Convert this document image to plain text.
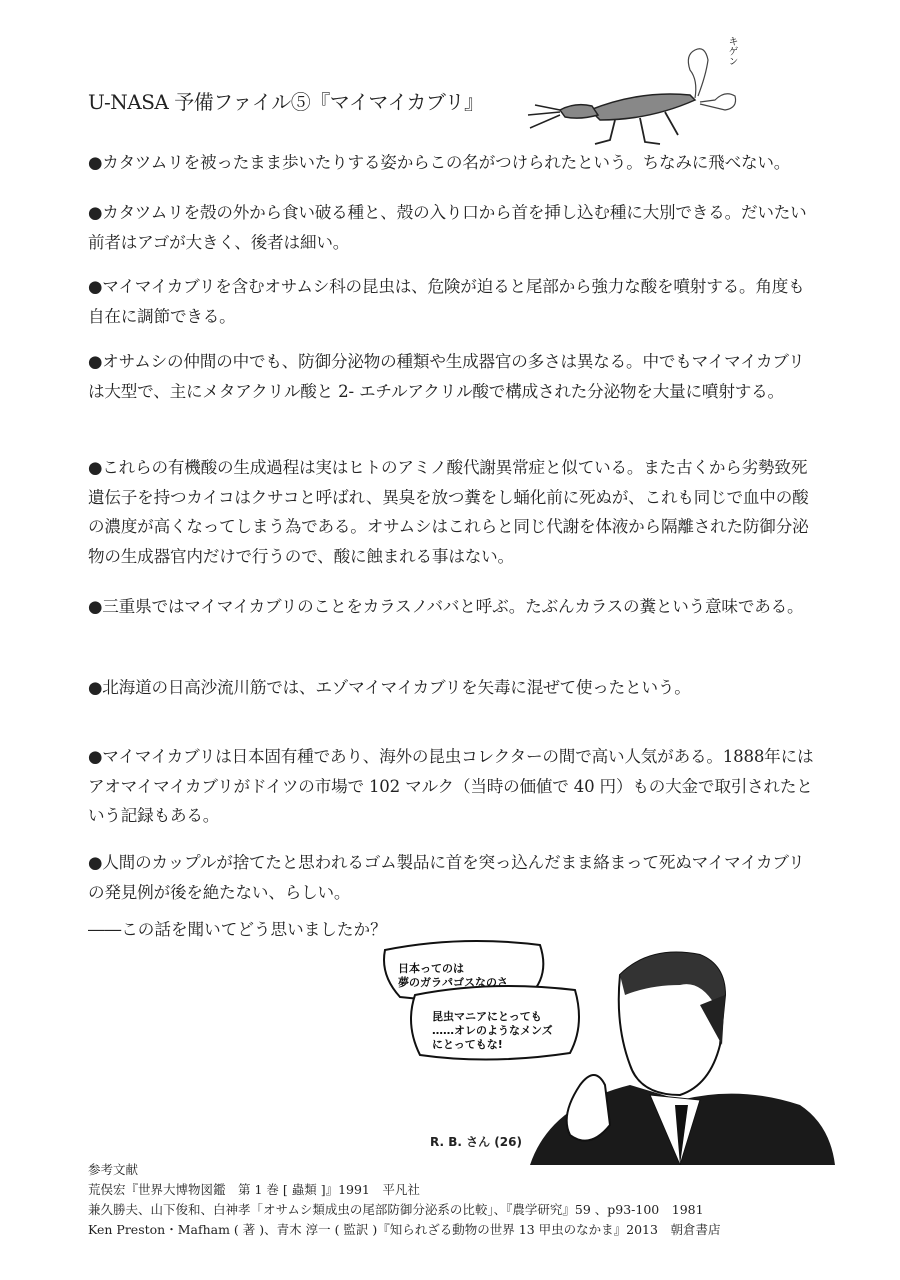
U-NASA 予備ファイル⑤『マイマイカブリ』
キゲン
●カタツムリを被ったまま歩いたりする姿からこの名がつけられたという。ちなみに飛べない。
●カタツムリを殻の外から食い破る種と、殻の入り口から首を挿し込む種に大別できる。だいたい前者はアゴが大きく、後者は細い。
●マイマイカブリを含むオサムシ科の昆虫は、危険が迫ると尾部から強力な酸を噴射する。角度も自在に調節できる。
●オサムシの仲間の中でも、防御分泌物の種類や生成器官の多さは異なる。中でもマイマイカブリは大型で、主にメタアクリル酸と 2- エチルアクリル酸で構成された分泌物を大量に噴射する。
●これらの有機酸の生成過程は実はヒトのアミノ酸代謝異常症と似ている。また古くから劣勢致死遺伝子を持つカイコはクサコと呼ばれ、異臭を放つ糞をし蛹化前に死ぬが、これも同じで血中の酸の濃度が高くなってしまう為である。オサムシはこれらと同じ代謝を体液から隔離された防御分泌物の生成器官内だけで行うので、酸に蝕まれる事はない。
●三重県ではマイマイカブリのことをカラスノババと呼ぶ。たぶんカラスの糞という意味である。
●北海道の日高沙流川筋では、エゾマイマイカブリを矢毒に混ぜて使ったという。
●マイマイカブリは日本固有種であり、海外の昆虫コレクターの間で高い人気がある。1888年にはアオマイマイカブリがドイツの市場で 102 マルク（当時の価値で 40 円）もの大金で取引されたという記録もある。
●人間のカップルが捨てたと思われるゴム製品に首を突っ込んだまま絡まって死ぬマイマイカブリの発見例が後を絶たない、らしい。
――この話を聞いてどう思いましたか？
日本ってのは
夢のガラパゴスなのさ
昆虫マニアにとっても
……オレのようなメンズ
にとってもな!
R. B. さん (26)
参考文献
荒俣宏『世界大博物図鑑　第 1 巻 [ 蟲類 ]』1991　平凡社
兼久勝夫、山下俊和、白神孝「オサムシ類成虫の尾部防御分泌系の比較」、『農学研究』59 、p93-100　1981
Ken Preston・Mafham ( 著 )、青木 淳一 ( 監訳 )『知られざる動物の世界 13 甲虫のなかま』2013　朝倉書店
